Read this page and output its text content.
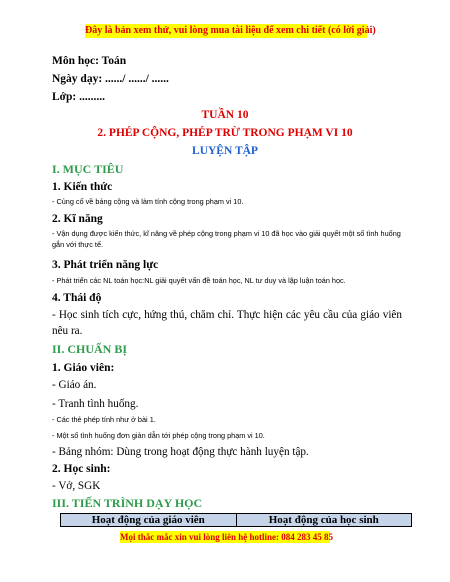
Đây là bản xem thử, vui lòng mua tài liệu để xem chi tiết (có lời giải)
Môn học: Toán
Ngày dạy: ....../ ....../ ......
Lớp: .........
TUẦN 10
2. PHÉP CỘNG, PHÉP TRỪ TRONG PHẠM VI 10
LUYỆN TẬP
I. MỤC TIÊU
1. Kiến thức
- Củng cố về bảng cộng và làm tính cộng trong phạm vi 10.
2. Kĩ năng
- Vận dụng được kiến thức, kĩ năng về phép cộng trong phạm vi 10 đã học vào giải quyết một số tình huống gắn với thực tế.
3. Phát triển năng lực
- Phát triển các NL toán học:NL giải quyết vấn đề toán học, NL tư duy và lập luận toán học.
4. Thái độ
- Học sinh tích cực, hứng thú, chăm chỉ. Thực hiện các yêu cầu của giáo viên nêu ra.
II. CHUẨN BỊ
1. Giáo viên:
- Giáo án.
- Tranh tình huống.
- Các thẻ phép tính như ở bài 1.
- Một số tình huống đơn giản dẫn tới phép cộng trong phạm vi 10.
- Bảng nhóm: Dùng trong hoạt động thực hành luyện tập.
2. Học sinh:
- Vở, SGK
III. TIẾN TRÌNH DẠY HỌC
Hoạt động của giáo viên	Hoạt động của học sinh
Mọi thắc mắc xin vui lòng liên hệ hotline: 084 283 45 85
